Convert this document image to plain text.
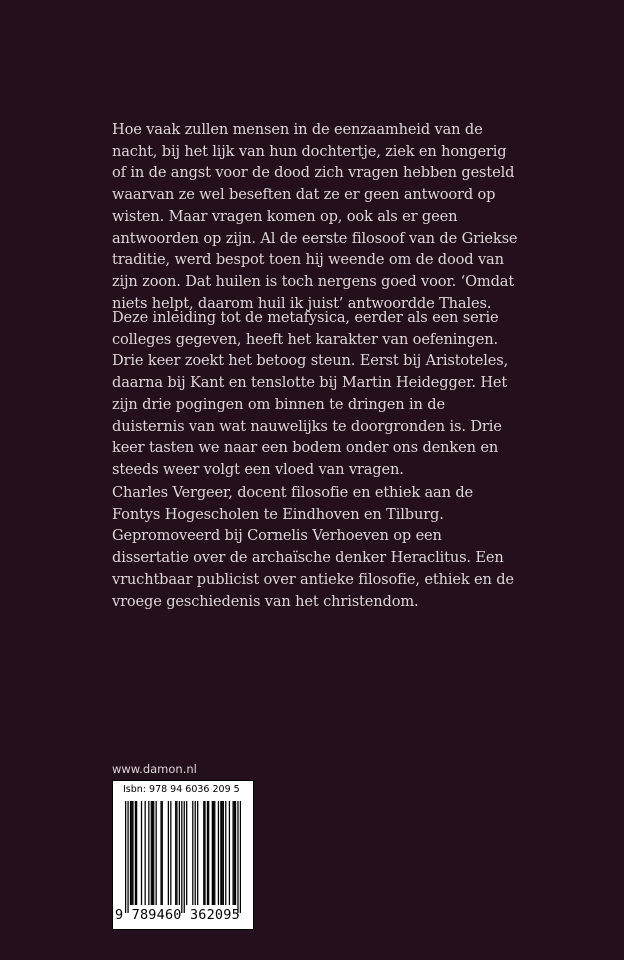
Hoe vaak zullen mensen in de eenzaamheid van de nacht, bij het lijk van hun dochtertje, ziek en hongerig of in de angst voor de dood zich vragen hebben gesteld waarvan ze wel beseften dat ze er geen antwoord op wisten. Maar vragen komen op, ook als er geen antwoorden op zijn. Al de eerste filosoof van de Griekse traditie, werd bespot toen hij weende om de dood van zijn zoon. Dat huilen is toch nergens goed voor. ‘Omdat niets helpt, daarom huil ik juist’ antwoordde Thales.

Deze inleiding tot de metafysica, eerder als een serie colleges gegeven, heeft het karakter van oefeningen. Drie keer zoekt het betoog steun. Eerst bij Aristoteles, daarna bij Kant en tenslotte bij Martin Heidegger. Het zijn drie pogingen om binnen te dringen in de duisternis van wat nauwelijks te doorgronden is. Drie keer tasten we naar een bodem onder ons denken en steeds weer volgt een vloed van vragen.

Charles Vergeer, docent filosofie en ethiek aan de Fontys Hogescholen te Eindhoven en Tilburg. Gepromoveerd bij Cornelis Verhoeven op een dissertatie over de archaïsche denker Heraclitus. Een vruchtbaar publicist over antieke filosofie, ethiek en de vroege geschiedenis van het christendom.

www.damon.nl
Isbn: 978 94 6036 209 5
9 789460 362095
